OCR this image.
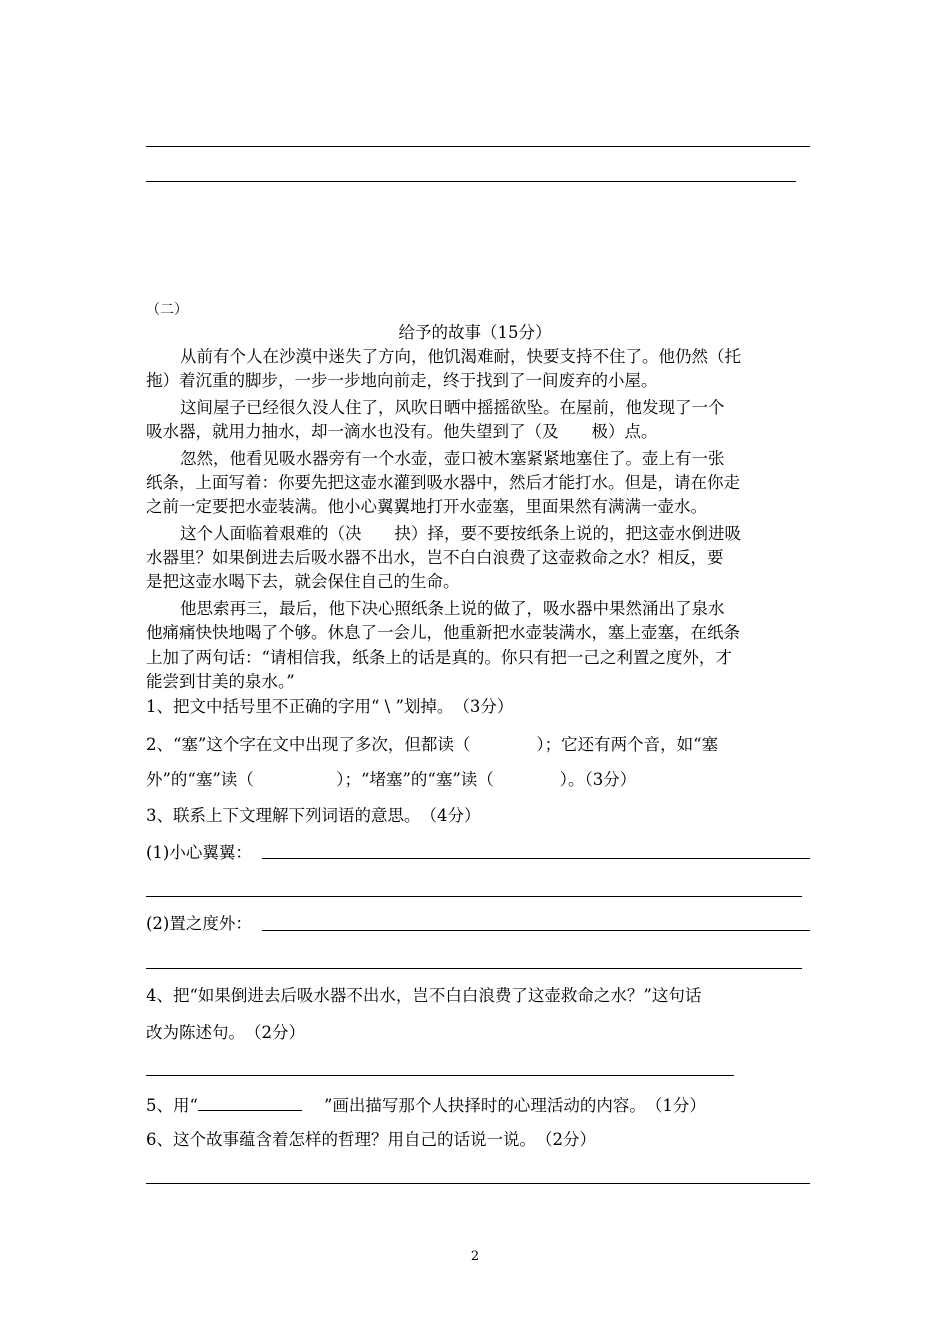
（二）
给予的故事（15分）
从前有个人在沙漠中迷失了方向，他饥渴难耐，快要支持不住了。他仍然（托
拖）着沉重的脚步，一步一步地向前走，终于找到了一间废弃的小屋。
这间屋子已经很久没人住了，风吹日晒中摇摇欲坠。在屋前，他发现了一个
吸水器，就用力抽水，却一滴水也没有。他失望到了（及　　极）点。
忽然，他看见吸水器旁有一个水壶，壶口被木塞紧紧地塞住了。壶上有一张
纸条，上面写着：你要先把这壶水灌到吸水器中，然后才能打水。但是，请在你走
之前一定要把水壶装满。他小心翼翼地打开水壶塞，里面果然有满满一壶水。
这个人面临着艰难的（决　　抉）择，要不要按纸条上说的，把这壶水倒进吸
水器里？如果倒进去后吸水器不出水，岂不白白浪费了这壶救命之水？相反，要
是把这壶水喝下去，就会保住自己的生命。
他思索再三，最后，他下决心照纸条上说的做了，吸水器中果然涌出了泉水
他痛痛快快地喝了个够。休息了一会儿，他重新把水壶装满水，塞上壶塞，在纸条
上加了两句话：“请相信我，纸条上的话是真的。你只有把一己之利置之度外，才
能尝到甘美的泉水。”
1、把文中括号里不正确的字用“ \ ”划掉。　（3分）
2、“塞”这个字在文中出现了多次，但都读（　　　　）；它还有两个音，如“塞
外”的“塞”读（　　　　　）；“堵塞”的“塞”读（　　　　）。（3分）
3、联系上下文理解下列词语的意思。　（4分）
(1)小心翼翼：
(2)置之度外：
4、把“如果倒进去后吸水器不出水，岂不白白浪费了这壶救命之水？”这句话
改为陈述句。　（2分）
5、用“	”画出描写那个人抉择时的心理活动的内容。　（1分）
6、这个故事蕴含着怎样的哲理？用自己的话说一说。　（2分）
2
